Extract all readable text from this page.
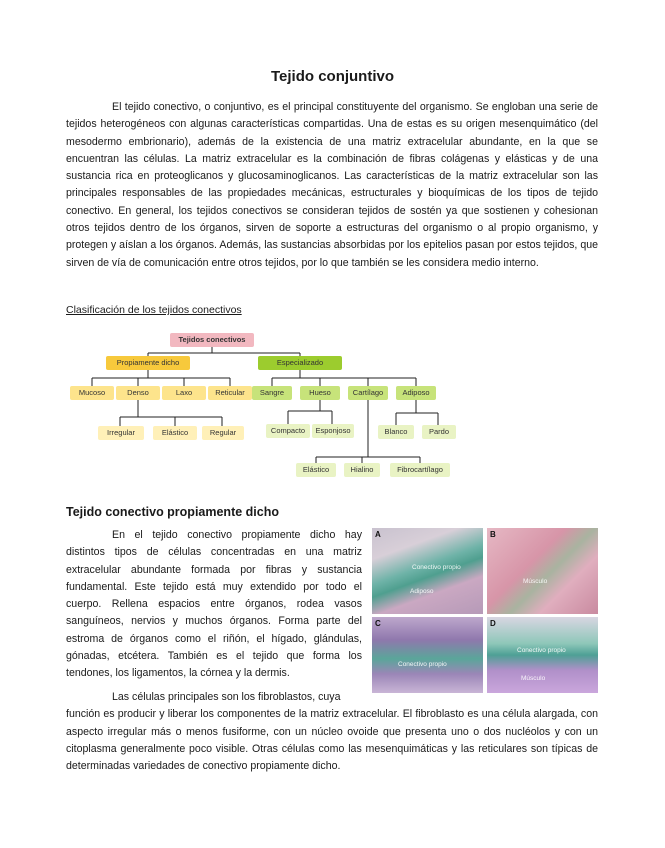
Tejido conjuntivo

El tejido conectivo, o conjuntivo, es el principal constituyente del organismo. Se engloban una serie de tejidos heterogéneos con algunas características compartidas. Una de estas es su origen mesenquimático (del mesodermo embrionario), además de la existencia de una matriz extracelular abundante, en la que se encuentran las células. La matriz extracelular es la combinación de fibras colágenas y elásticas y de una sustancia rica en proteoglicanos y glucosaminoglicanos. Las características de la matriz extracelular son las principales responsables de las propiedades mecánicas, estructurales y bioquímicas de los tipos de tejido conectivo. En general, los tejidos conectivos se consideran tejidos de sostén ya que sostienen y cohesionan otros tejidos dentro de los órganos, sirven de soporte a estructuras del organismo o al propio organismo, y protegen y aíslan a los órganos. Además, las sustancias absorbidas por los epitelios pasan por estos tejidos, que sirven de vía de comunicación entre otros tejidos, por lo que también se les considera medio interno.

Clasificación de los tejidos conectivos

Tejidos conectivos
Propiamente dicho	Especializado
Mucoso	Denso	Laxo	Reticular
Irregular	Elástico	Regular
Sangre	Hueso	Cartílago	Adiposo
Compacto	Esponjoso	Blanco	Pardo
Elástico	Hialino	Fibrocartílago

Tejido conectivo propiamente dicho

En el tejido conectivo propiamente dicho hay distintos tipos de células concentradas en una matriz extracelular abundante formada por fibras y sustancia fundamental. Este tejido está muy extendido por todo el cuerpo. Rellena espacios entre órganos, rodea vasos sanguíneos, nervios y muchos órganos. Forma parte del estroma de órganos como el riñón, el hígado, glándulas, gónadas, etcétera. También es el tejido que forma los tendones, los ligamentos, la córnea y la dermis.

A
Conectivo propio
Adiposo
B
Músculo
C
Conectivo propio
D
Conectivo propio
Músculo

Las células principales son los fibroblastos, cuya
función es producir y liberar los componentes de la matriz extracelular. El fibroblasto es una célula alargada, con aspecto irregular más o menos fusiforme, con un núcleo ovoide que presenta uno o dos nucléolos y con un citoplasma generalmente poco visible. Otras células como las mesenquimáticas y las reticulares son típicas de determinadas variedades de conectivo propiamente dicho.
